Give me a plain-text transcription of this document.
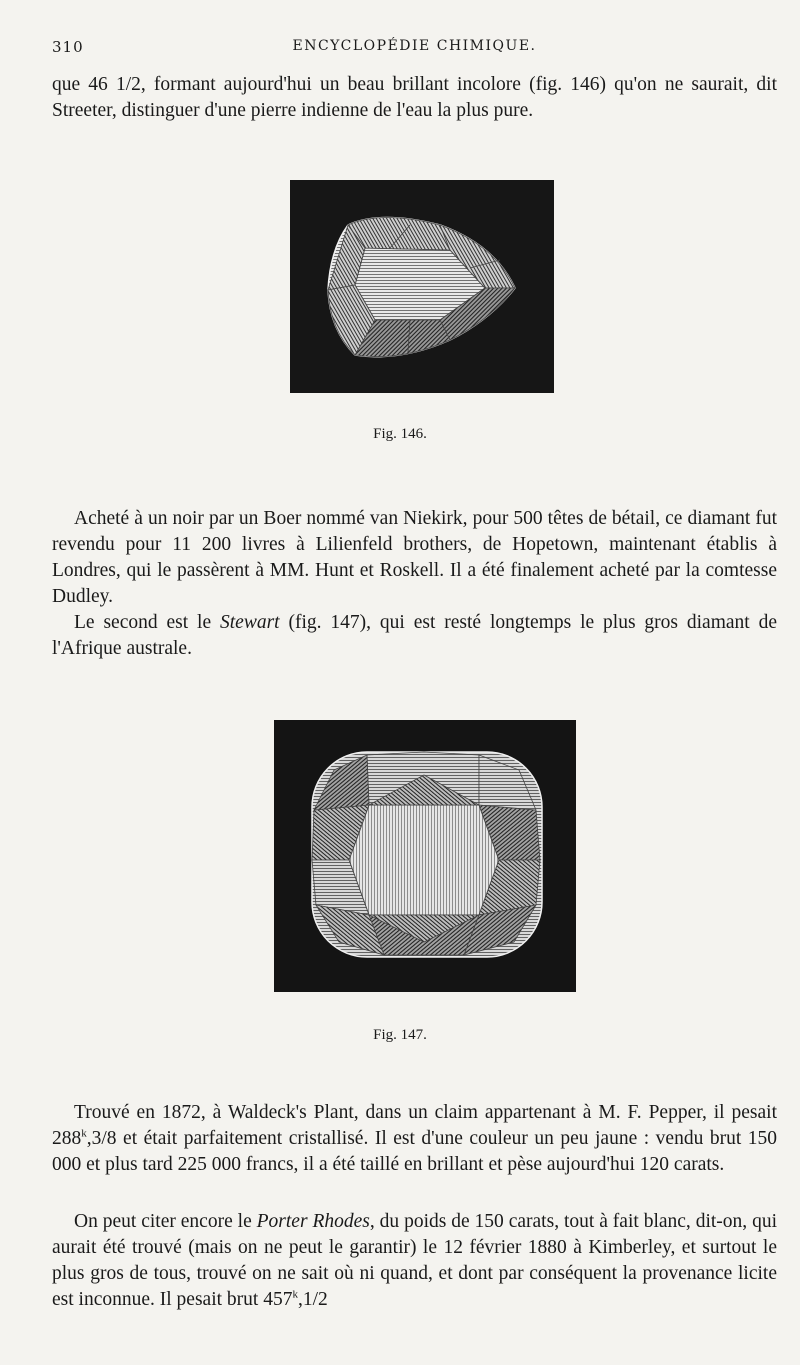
310	ENCYCLOPÉDIE CHIMIQUE.

que 46 1/2, formant aujourd'hui un beau brillant incolore (fig. 146) qu'on ne saurait, dit Streeter, distinguer d'une pierre indienne de l'eau la plus pure.

Fig. 146.

Acheté à un noir par un Boer nommé van Niekirk, pour 500 têtes de bétail, ce diamant fut revendu pour 11 200 livres à Lilienfeld brothers, de Hopetown, maintenant établis à Londres, qui le passèrent à MM. Hunt et Roskell. Il a été finalement acheté par la comtesse Dudley.

Le second est le Stewart (fig. 147), qui est resté longtemps le plus gros diamant de l'Afrique australe.

Fig. 147.

Trouvé en 1872, à Waldeck's Plant, dans un claim appartenant à M. F. Pepper, il pesait 288$^k$,3/8 et était parfaitement cristallisé. Il est d'une couleur un peu jaune : vendu brut 150 000 et plus tard 225 000 francs, il a été taillé en brillant et pèse aujourd'hui 120 carats.

On peut citer encore le Porter Rhodes, du poids de 150 carats, tout à fait blanc, dit-on, qui aurait été trouvé (mais on ne peut le garantir) le 12 février 1880 à Kimberley, et surtout le plus gros de tous, trouvé on ne sait où ni quand, et dont par conséquent la provenance licite est inconnue. Il pesait brut 457$^k$,1/2
